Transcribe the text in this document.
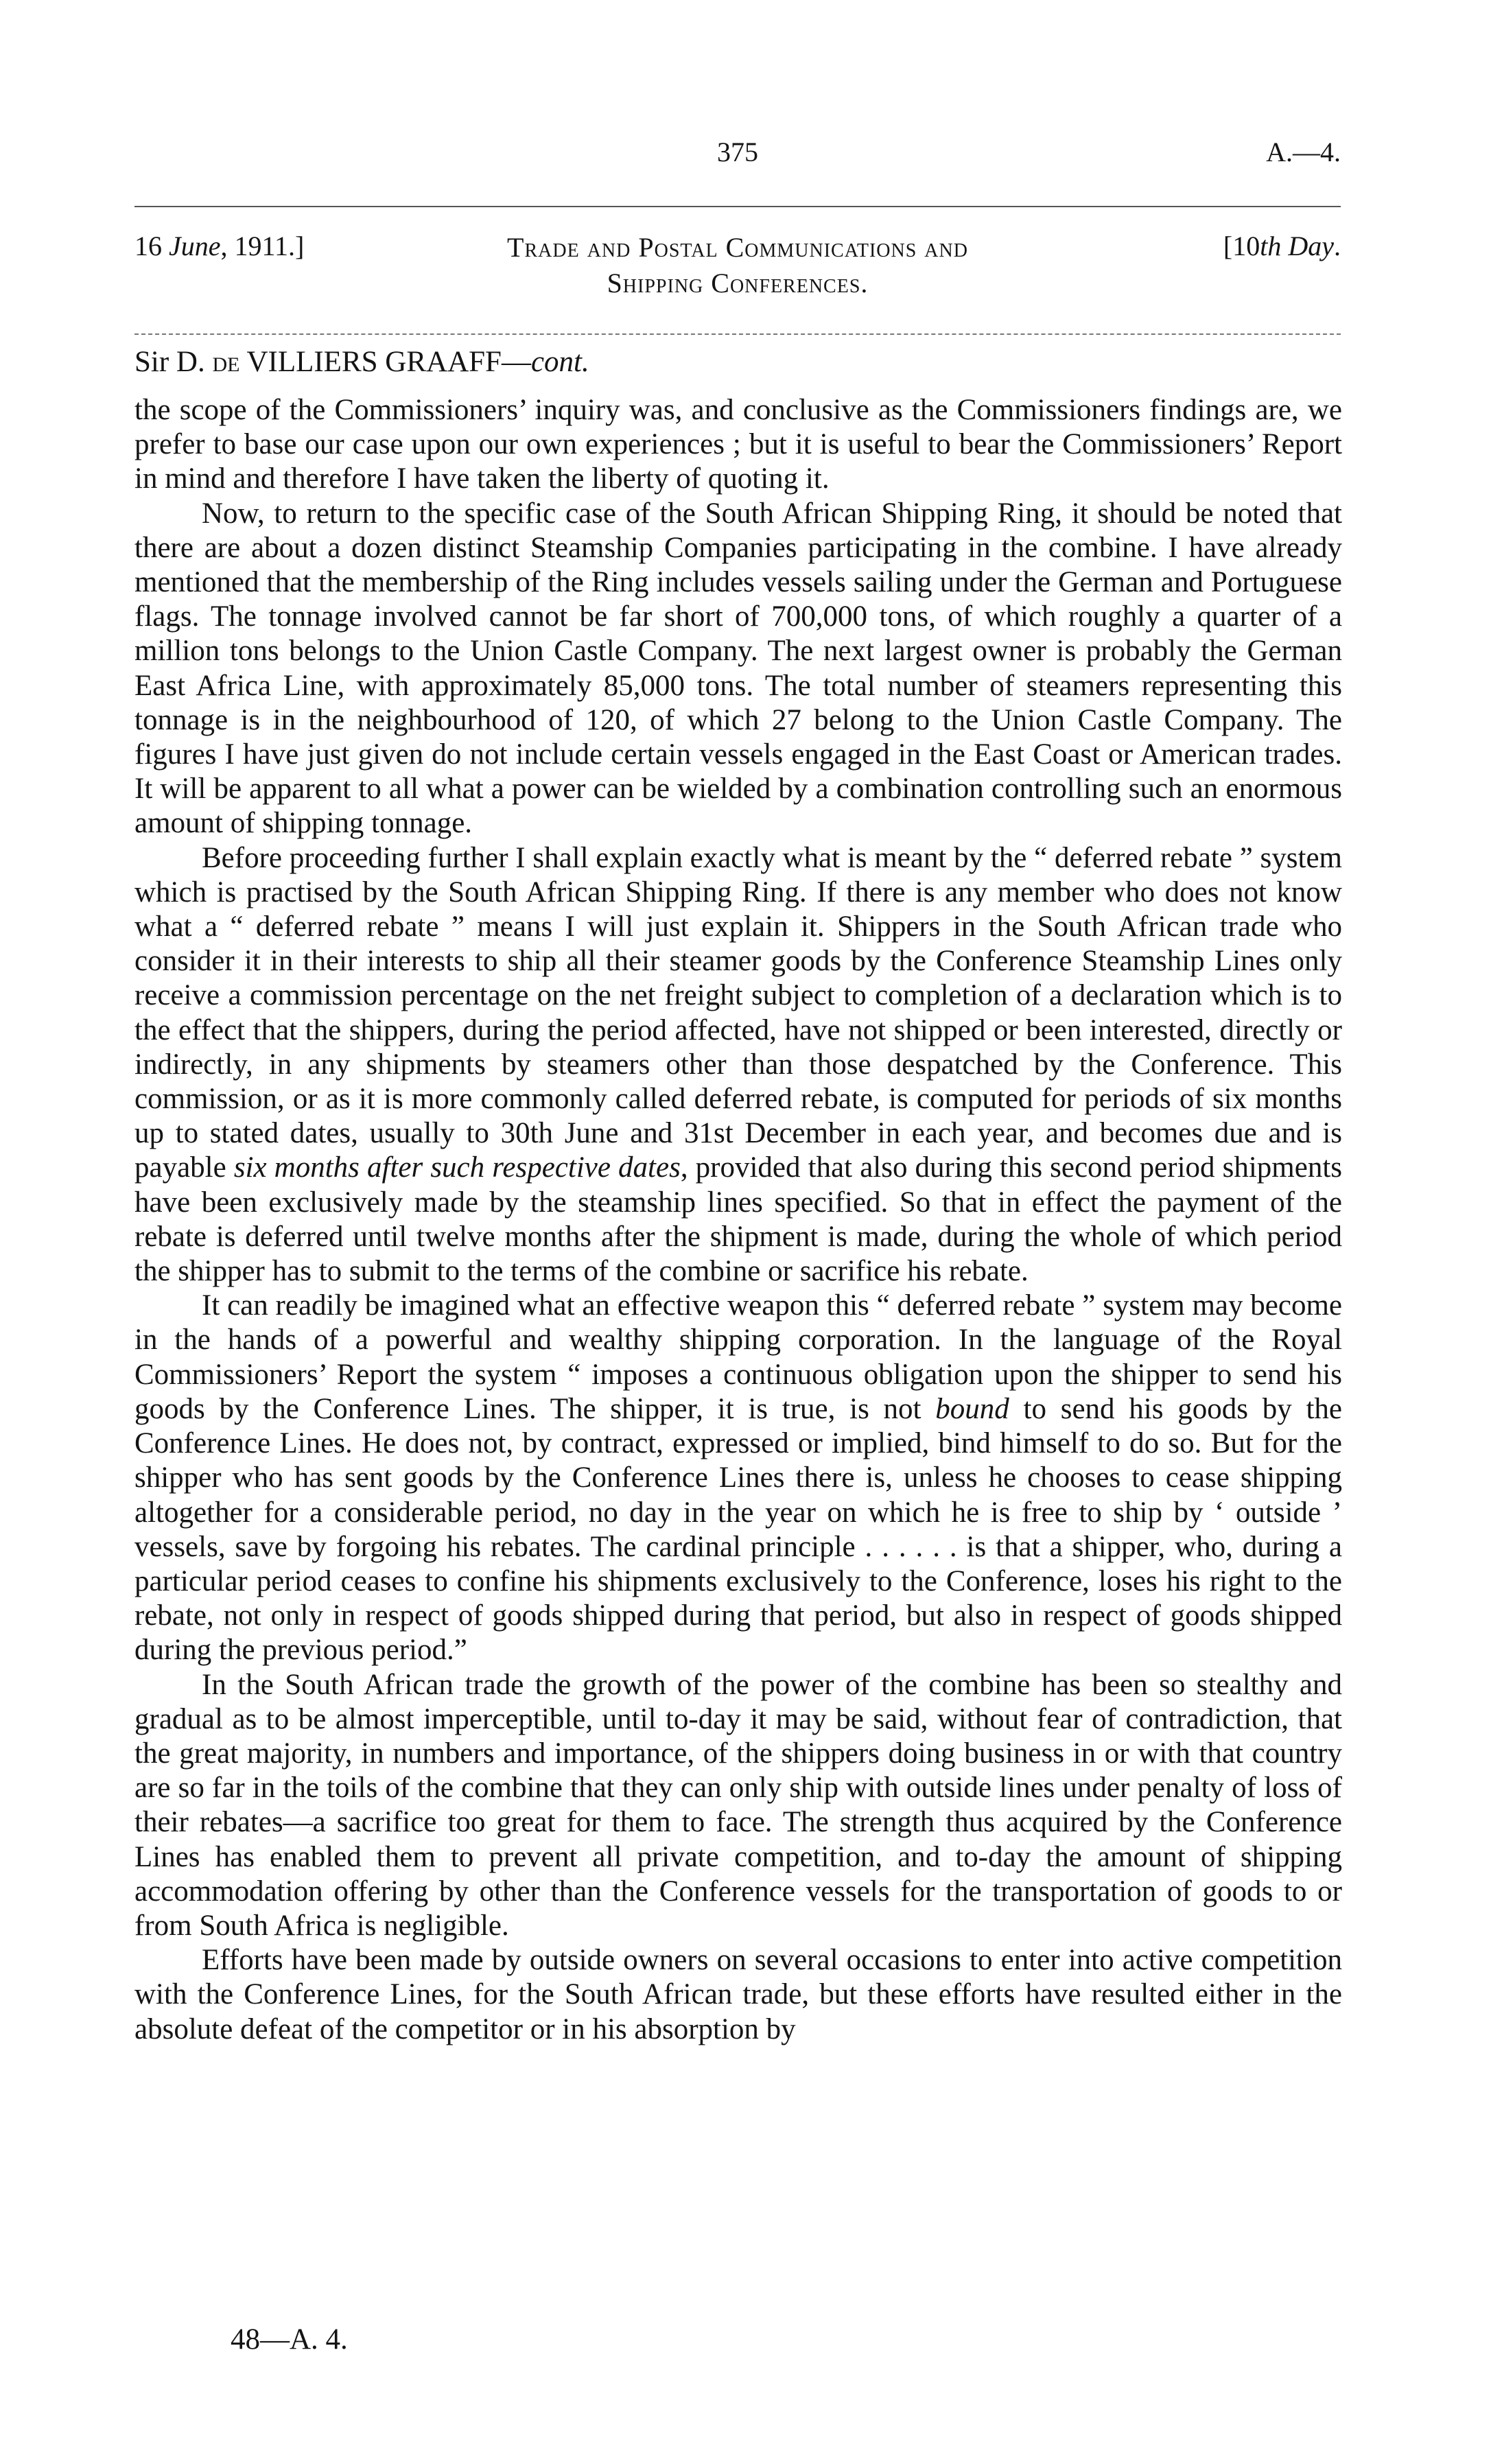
375	A.—4.
16 June, 1911.]	Trade and Postal Communications and
Shipping Conferences.
[10th Day.
Sir D. de VILLIERS GRAAFF—cont.

the scope of the Commissioners’ inquiry was, and conclusive as the Commissioners findings are, we prefer to base our case upon our own experiences ; but it is useful to bear the Commissioners’ Report in mind and therefore I have taken the liberty of quoting it.

Now, to return to the specific case of the South African Shipping Ring, it should be noted that there are about a dozen distinct Steamship Companies participating in the combine. I have already mentioned that the membership of the Ring includes vessels sailing under the German and Portuguese flags. The tonnage involved cannot be far short of 700,000 tons, of which roughly a quarter of a million tons belongs to the Union Castle Company. The next largest owner is probably the German East Africa Line, with approximately 85,000 tons. The total number of steamers representing this tonnage is in the neighbourhood of 120, of which 27 belong to the Union Castle Company. The figures I have just given do not include certain vessels engaged in the East Coast or American trades. It will be apparent to all what a power can be wielded by a combination controlling such an enormous amount of shipping tonnage.

Before proceeding further I shall explain exactly what is meant by the “ deferred rebate ” system which is practised by the South African Shipping Ring. If there is any member who does not know what a “ deferred rebate ” means I will just explain it. Shippers in the South African trade who consider it in their interests to ship all their steamer goods by the Conference Steamship Lines only receive a commission percentage on the net freight subject to completion of a declaration which is to the effect that the shippers, during the period affected, have not shipped or been interested, directly or indirectly, in any shipments by steamers other than those despatched by the Conference. This commission, or as it is more commonly called deferred rebate, is computed for periods of six months up to stated dates, usually to 30th June and 31st December in each year, and becomes due and is payable six months after such respective dates, provided that also during this second period shipments have been exclusively made by the steamship lines specified. So that in effect the payment of the rebate is deferred until twelve months after the shipment is made, during the whole of which period the shipper has to submit to the terms of the combine or sacrifice his rebate.

It can readily be imagined what an effective weapon this “ deferred rebate ” system may become in the hands of a powerful and wealthy shipping corporation. In the language of the Royal Commissioners’ Report the system “ imposes a continuous obligation upon the shipper to send his goods by the Conference Lines. The shipper, it is true, is not bound to send his goods by the Conference Lines. He does not, by contract, expressed or implied, bind himself to do so. But for the shipper who has sent goods by the Conference Lines there is, unless he chooses to cease shipping altogether for a considerable period, no day in the year on which he is free to ship by ‘ outside ’ vessels, save by forgoing his rebates. The cardinal principle . . . . . . is that a shipper, who, during a particular period ceases to confine his shipments exclusively to the Conference, loses his right to the rebate, not only in respect of goods shipped during that period, but also in respect of goods shipped during the previous period.”

In the South African trade the growth of the power of the combine has been so stealthy and gradual as to be almost imperceptible, until to-day it may be said, without fear of contradiction, that the great majority, in numbers and importance, of the shippers doing business in or with that country are so far in the toils of the combine that they can only ship with outside lines under penalty of loss of their rebates—a sacrifice too great for them to face. The strength thus acquired by the Conference Lines has enabled them to prevent all private competition, and to-day the amount of shipping accommodation offering by other than the Conference vessels for the transportation of goods to or from South Africa is negligible.

Efforts have been made by outside owners on several occasions to enter into active competition with the Conference Lines, for the South African trade, but these efforts have resulted either in the absolute defeat of the competitor or in his absorption by

48—A. 4.
